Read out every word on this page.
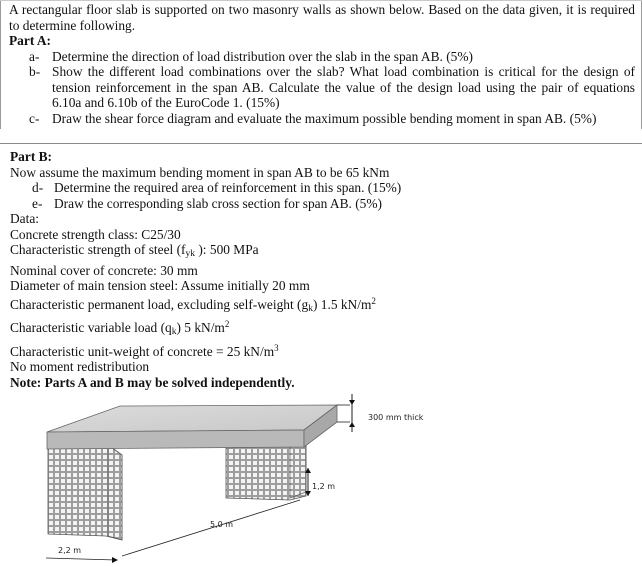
A rectangular floor slab is supported on two masonry walls as shown below. Based on the data given, it is required to determine following.
Part A:
a- Determine the direction of load distribution over the slab in the span AB. (5%)
b- Show the different load combinations over the slab? What load combination is critical for the design of tension reinforcement in the span AB. Calculate the value of the design load using the pair of equations 6.10a and 6.10b of the EuroCode 1. (15%)
c- Draw the shear force diagram and evaluate the maximum possible bending moment in span AB. (5%)
Part B:
Now assume the maximum bending moment in span AB to be 65 kNm
d- Determine the required area of reinforcement in this span. (15%)
e- Draw the corresponding slab cross section for span AB. (5%)
Data:
Concrete strength class: C25/30
Characteristic strength of steel (fyk ): 500 MPa
Nominal cover of concrete: 30 mm
Diameter of main tension steel: Assume initially 20 mm
Characteristic permanent load, excluding self-weight (gk) 1.5 $kN/m^2$
Characteristic variable load (qk) 5 $kN/m^2$
Characteristic unit-weight of concrete = 25 $kN/m^3$
No moment redistribution
Note: Parts A and B may be solved independently.
300 mm thick
1,2 m
5,0 m
2,2 m
